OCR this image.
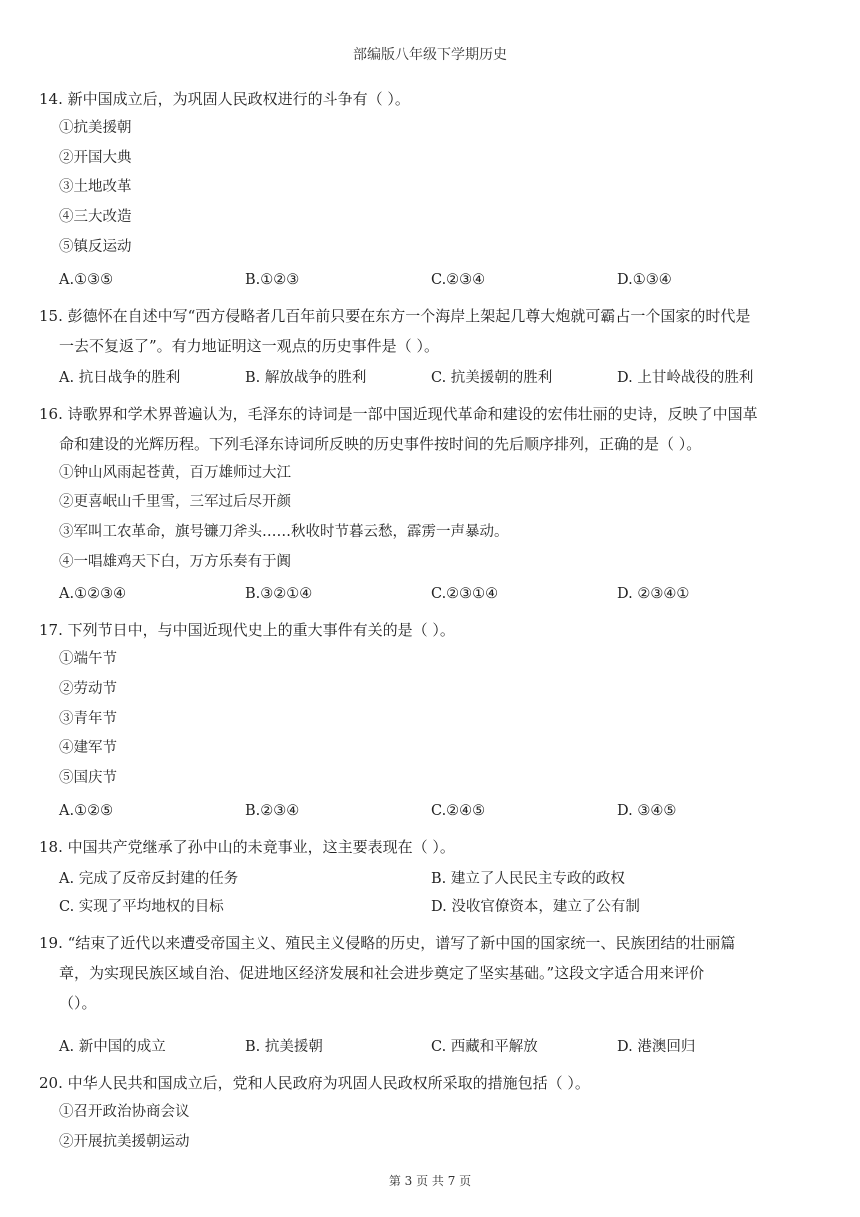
部编版八年级下学期历史

14. 新中国成立后，为巩固人民政权进行的斗争有（ ）。

①抗美援朝

②开国大典

③土地改革

④三大改造

⑤镇反运动

A.①③⑤	B.①②③	C.②③④	D.①③④

15. 彭德怀在自述中写“西方侵略者几百年前只要在东方一个海岸上架起几尊大炮就可霸占一个国家的时代是
一去不复返了”。有力地证明这一观点的历史事件是（ ）。

A. 抗日战争的胜利	B. 解放战争的胜利	C. 抗美援朝的胜利	D. 上甘岭战役的胜利

16. 诗歌界和学术界普遍认为，毛泽东的诗词是一部中国近现代革命和建设的宏伟壮丽的史诗，反映了中国革
命和建设的光辉历程。下列毛泽东诗词所反映的历史事件按时间的先后顺序排列，正确的是（ ）。

①钟山风雨起苍黄，百万雄师过大江

②更喜岷山千里雪，三军过后尽开颜

③军叫工农革命，旗号镰刀斧头……秋收时节暮云愁，霹雳一声暴动。

④一唱雄鸡天下白，万方乐奏有于阗

A.①②③④	B.③②①④	C.②③①④	D. ②③④①

17. 下列节日中，与中国近现代史上的重大事件有关的是（ ）。

①端午节

②劳动节

③青年节

④建军节

⑤国庆节

A.①②⑤	B.②③④	C.②④⑤	D. ③④⑤

18. 中国共产党继承了孙中山的未竟事业，这主要表现在（ ）。

A. 完成了反帝反封建的任务	B. 建立了人民民主专政的政权
C. 实现了平均地权的目标	D. 没收官僚资本，建立了公有制

19. “结束了近代以来遭受帝国主义、殖民主义侵略的历史，谱写了新中国的国家统一、民族团结的壮丽篇
章，为实现民族区域自治、促进地区经济发展和社会进步奠定了坚实基础。”这段文字适合用来评价
（）。

A. 新中国的成立	B. 抗美援朝	C. 西藏和平解放	D. 港澳回归

20. 中华人民共和国成立后，党和人民政府为巩固人民政权所采取的措施包括（ ）。

①召开政治协商会议

②开展抗美援朝运动

第 3 页 共 7 页
